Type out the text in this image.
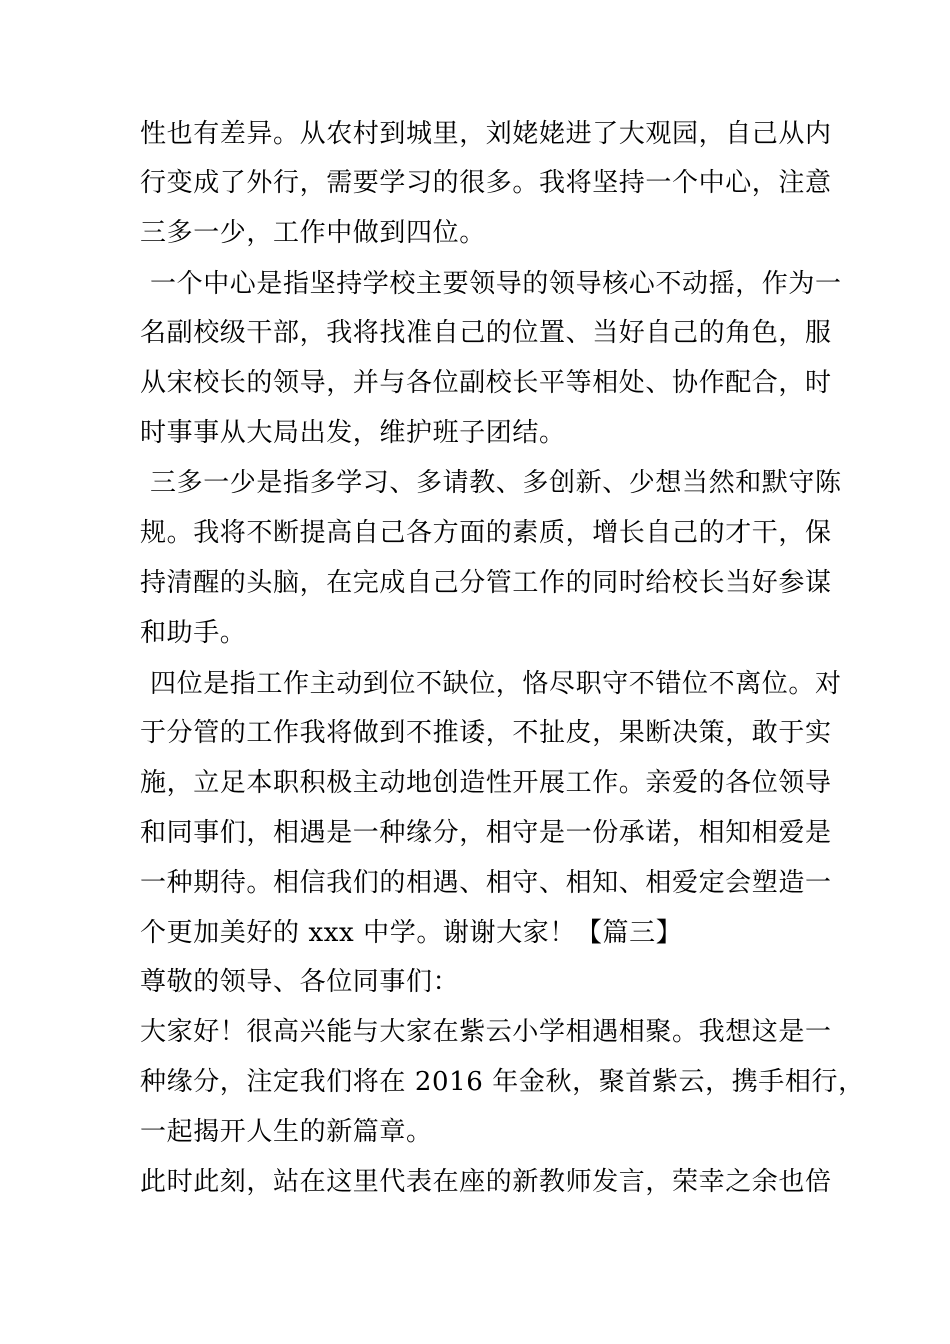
性也有差异。从农村到城里，刘姥姥进了大观园，自己从内
行变成了外行，需要学习的很多。我将坚持一个中心，注意
三多一少，工作中做到四位。
一个中心是指坚持学校主要领导的领导核心不动摇，作为一
名副校级干部，我将找准自己的位置、当好自己的角色，服
从宋校长的领导，并与各位副校长平等相处、协作配合，时
时事事从大局出发，维护班子团结。
三多一少是指多学习、多请教、多创新、少想当然和默守陈
规。我将不断提高自己各方面的素质，增长自己的才干，保
持清醒的头脑，在完成自己分管工作的同时给校长当好参谋
和助手。
四位是指工作主动到位不缺位，恪尽职守不错位不离位。对
于分管的工作我将做到不推诿，不扯皮，果断决策，敢于实
施，立足本职积极主动地创造性开展工作。亲爱的各位领导
和同事们，相遇是一种缘分，相守是一份承诺，相知相爱是
一种期待。相信我们的相遇、相守、相知、相爱定会塑造一
个更加美好的 xxx 中学。谢谢大家！【篇三】
尊敬的领导、各位同事们：
大家好！很高兴能与大家在紫云小学相遇相聚。我想这是一
种缘分，注定我们将在 2016 年金秋，聚首紫云，携手相行，
一起揭开人生的新篇章。
此时此刻，站在这里代表在座的新教师发言，荣幸之余也倍
